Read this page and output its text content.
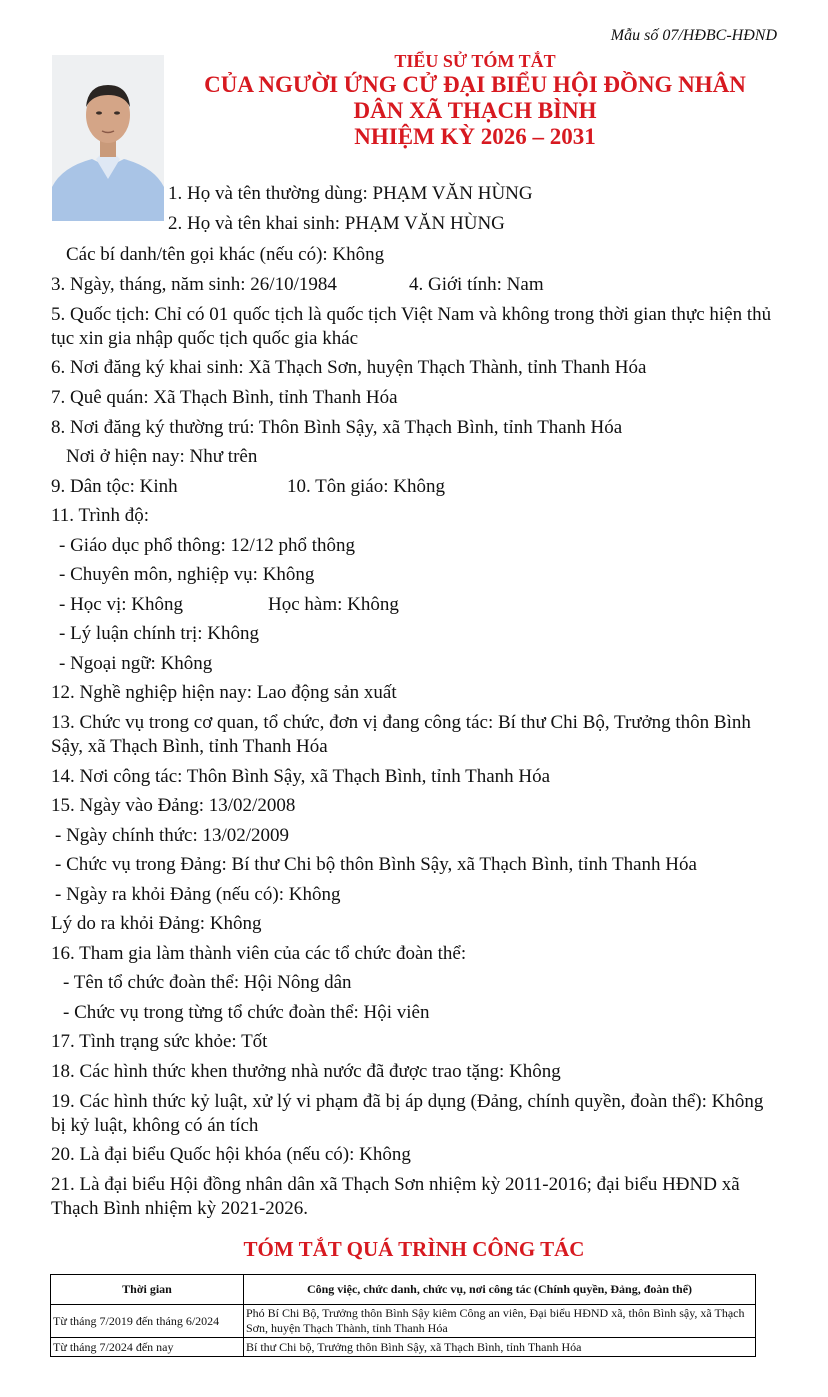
Mẫu số 07/HĐBC-HĐND
TIỂU SỬ TÓM TẮT
CỦA NGƯỜI ỨNG CỬ ĐẠI BIỂU HỘI ĐỒNG NHÂN
DÂN XÃ THẠCH BÌNH
NHIỆM KỲ 2026 – 2031
1. Họ và tên thường dùng: PHẠM VĂN HÙNG
2. Họ và tên khai sinh: PHẠM VĂN HÙNG
Các bí danh/tên gọi khác (nếu có): Không
3. Ngày, tháng, năm sinh: 26/10/1984	4. Giới tính: Nam
5. Quốc tịch: Chỉ có 01 quốc tịch là quốc tịch Việt Nam và không trong thời gian thực hiện thủ tục xin gia nhập quốc tịch quốc gia khác
6. Nơi đăng ký khai sinh: Xã Thạch Sơn, huyện Thạch Thành, tỉnh Thanh Hóa
7. Quê quán: Xã Thạch Bình, tỉnh Thanh Hóa
8. Nơi đăng ký thường trú: Thôn Bình Sậy, xã Thạch Bình, tỉnh Thanh Hóa
Nơi ở hiện nay: Như trên
9. Dân tộc: Kinh	10. Tôn giáo: Không
11. Trình độ:
- Giáo dục phổ thông: 12/12 phổ thông
- Chuyên môn, nghiệp vụ: Không
- Học vị: Không	Học hàm: Không
- Lý luận chính trị: Không
- Ngoại ngữ: Không
12. Nghề nghiệp hiện nay: Lao động sản xuất
13. Chức vụ trong cơ quan, tổ chức, đơn vị đang công tác: Bí thư Chi Bộ, Trưởng thôn Bình Sậy, xã Thạch Bình, tỉnh Thanh Hóa
14. Nơi công tác: Thôn Bình Sậy, xã Thạch Bình, tỉnh Thanh Hóa
15. Ngày vào Đảng: 13/02/2008
- Ngày chính thức: 13/02/2009
- Chức vụ trong Đảng: Bí thư Chi bộ thôn Bình Sậy, xã Thạch Bình, tỉnh Thanh Hóa
- Ngày ra khỏi Đảng (nếu có): Không
Lý do ra khỏi Đảng: Không
16. Tham gia làm thành viên của các tổ chức đoàn thể:
- Tên tổ chức đoàn thể: Hội Nông dân
- Chức vụ trong từng tổ chức đoàn thể: Hội viên
17. Tình trạng sức khỏe: Tốt
18. Các hình thức khen thưởng nhà nước đã được trao tặng: Không
19. Các hình thức kỷ luật, xử lý vi phạm đã bị áp dụng (Đảng, chính quyền, đoàn thể): Không bị kỷ luật, không có án tích
20. Là đại biểu Quốc hội khóa (nếu có): Không
21. Là đại biểu Hội đồng nhân dân xã Thạch Sơn nhiệm kỳ 2011-2016; đại biểu HĐND xã Thạch Bình nhiệm kỳ 2021-2026.
TÓM TẮT QUÁ TRÌNH CÔNG TÁC
Thời gian	Công việc, chức danh, chức vụ, nơi công tác (Chính quyền, Đảng, đoàn thể)
Từ tháng 7/2019 đến tháng 6/2024	Phó Bí Chi Bộ, Trưởng thôn Bình Sậy kiêm Công an viên, Đại biểu HĐND xã, thôn Bình sậy, xã Thạch Sơn, huyện Thạch Thành, tỉnh Thanh Hóa
Từ tháng 7/2024 đến nay	Bí thư Chi bộ, Trưởng thôn Bình Sậy, xã Thạch Bình, tỉnh Thanh Hóa
